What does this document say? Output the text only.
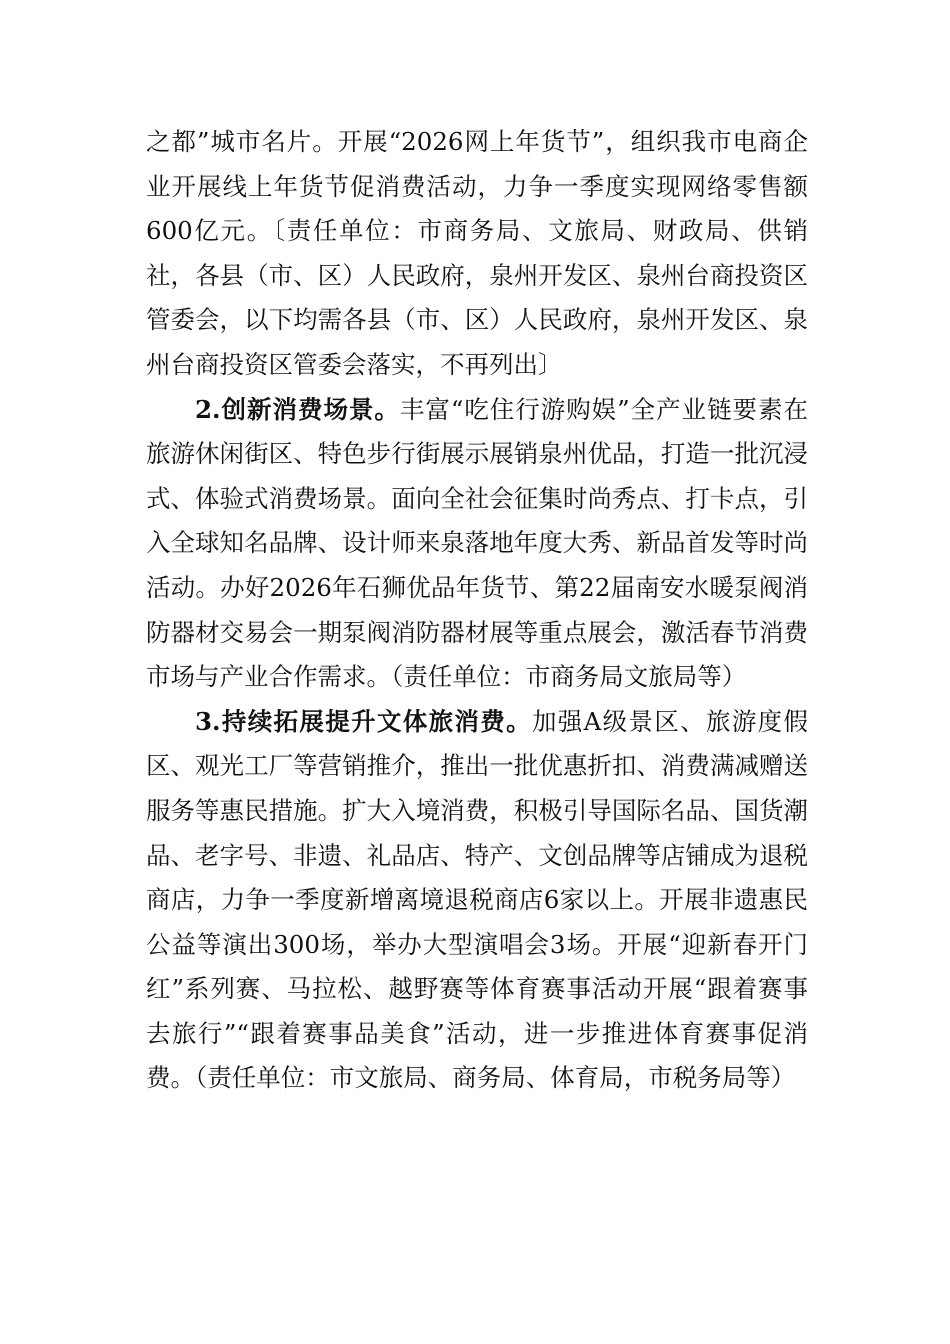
之都”城市名片。开展“2026网上年货节”，组织我市电商企业开展线上年货节促消费活动，力争一季度实现网络零售额600亿元。〔责任单位：市商务局、文旅局、财政局、供销社，各县（市、区）人民政府，泉州开发区、泉州台商投资区管委会，以下均需各县（市、区）人民政府，泉州开发区、泉州台商投资区管委会落实，不再列出〕

2.创新消费场景。丰富“吃住行游购娱”全产业链要素在旅游休闲街区、特色步行街展示展销泉州优品，打造一批沉浸式、体验式消费场景。面向全社会征集时尚秀点、打卡点，引入全球知名品牌、设计师来泉落地年度大秀、新品首发等时尚活动。办好2026年石狮优品年货节、第22届南安水暖泵阀消防器材交易会一期泵阀消防器材展等重点展会，激活春节消费市场与产业合作需求。（责任单位：市商务局文旅局等）

3.持续拓展提升文体旅消费。加强A级景区、旅游度假区、观光工厂等营销推介，推出一批优惠折扣、消费满减赠送服务等惠民措施。扩大入境消费，积极引导国际名品、国货潮品、老字号、非遗、礼品店、特产、文创品牌等店铺成为退税商店，力争一季度新增离境退税商店6家以上。开展非遗惠民公益等演出300场，举办大型演唱会3场。开展“迎新春开门红”系列赛、马拉松、越野赛等体育赛事活动开展“跟着赛事去旅行”“跟着赛事品美食”活动，进一步推进体育赛事促消费。（责任单位：市文旅局、商务局、体育局，市税务局等）
